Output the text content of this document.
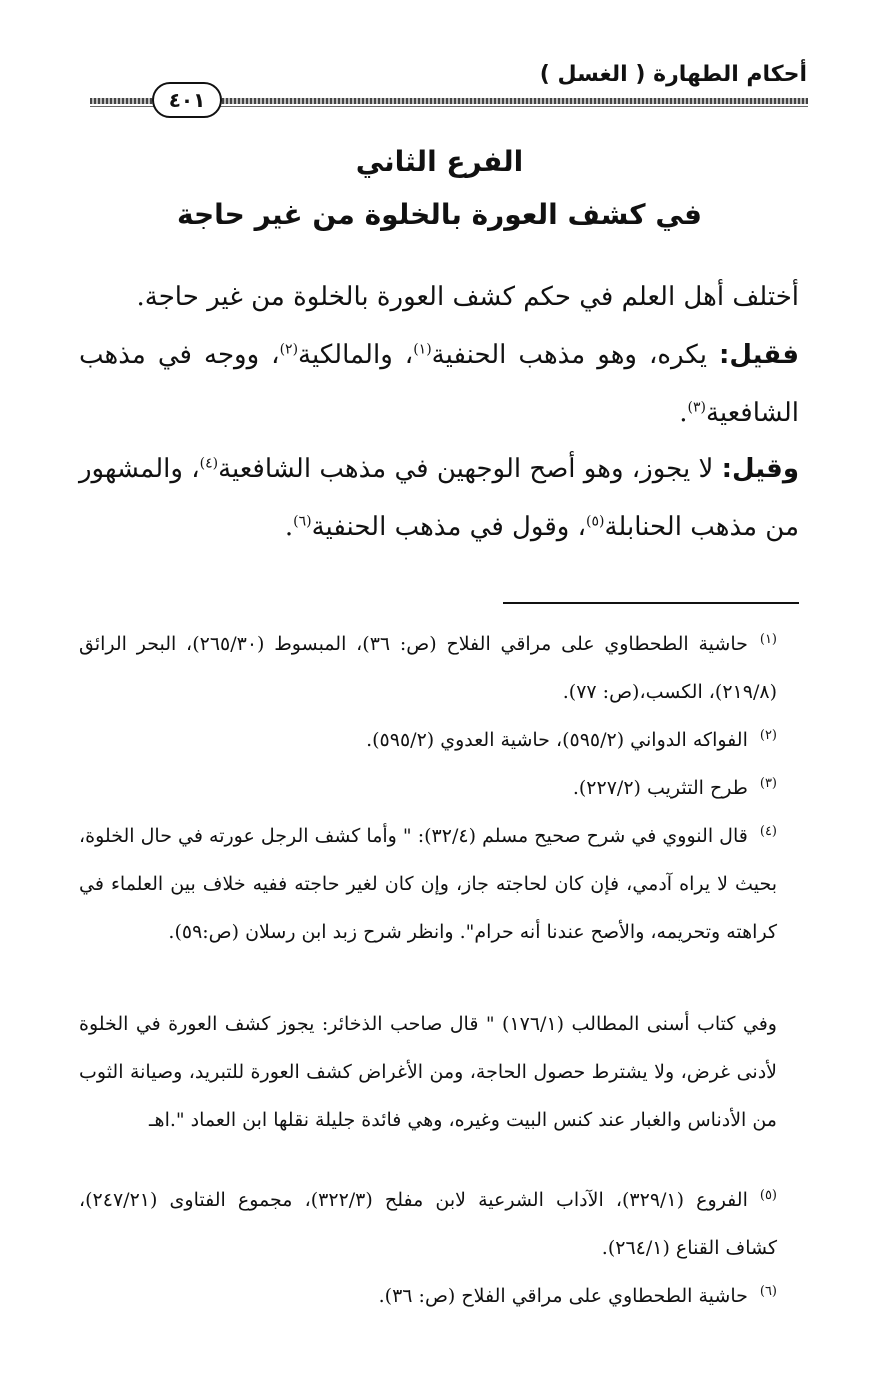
أحكام الطهارة ( الغسل )
٤٠١
الفرع الثاني
في كشف العورة بالخلوة من غير حاجة
أختلف أهل العلم في حكم كشف العورة بالخلوة من غير حاجة.
فقيل: يكره، وهو مذهب الحنفية$^{(١)}$، والمالكية$^{(٢)}$، ووجه في مذهب الشافعية$^{(٣)}$.
وقيل: لا يجوز، وهو أصح الوجهين في مذهب الشافعية$^{(٤)}$، والمشهور من مذهب الحنابلة$^{(٥)}$، وقول في مذهب الحنفية$^{(٦)}$.
$^{(١)}$حاشية الطحطاوي على مراقي الفلاح (ص: ٣٦)، المبسوط (٢٦٥/٣٠)، البحر الرائق (٢١٩/٨)، الكسب،(ص: ٧٧).
$^{(٢)}$الفواكه الدواني (٥٩٥/٢)، حاشية العدوي (٥٩٥/٢).
$^{(٣)}$طرح التثريب (٢٢٧/٢).
$^{(٤)}$قال النووي في شرح صحيح مسلم (٣٢/٤): " وأما كشف الرجل عورته في حال الخلوة، بحيث لا يراه آدمي، فإن كان لحاجته جاز، وإن كان لغير حاجته ففيه خلاف بين العلماء في كراهته وتحريمه، والأصح عندنا أنه حرام". وانظر شرح زبد ابن رسلان (ص:٥٩).
وفي كتاب أسنى المطالب (١٧٦/١) " قال صاحب الذخائر: يجوز كشف العورة في الخلوة لأدنى غرض، ولا يشترط حصول الحاجة، ومن الأغراض كشف العورة للتبريد، وصيانة الثوب من الأدناس والغبار عند كنس البيت وغيره، وهي فائدة جليلة نقلها ابن العماد ".اهـ
$^{(٥)}$الفروع (٣٢٩/١)، الآداب الشرعية لابن مفلح (٣٢٢/٣)، مجموع الفتاوى (٢٤٧/٢١)، كشاف القناع (٢٦٤/١).
$^{(٦)}$حاشية الطحطاوي على مراقي الفلاح (ص: ٣٦).
